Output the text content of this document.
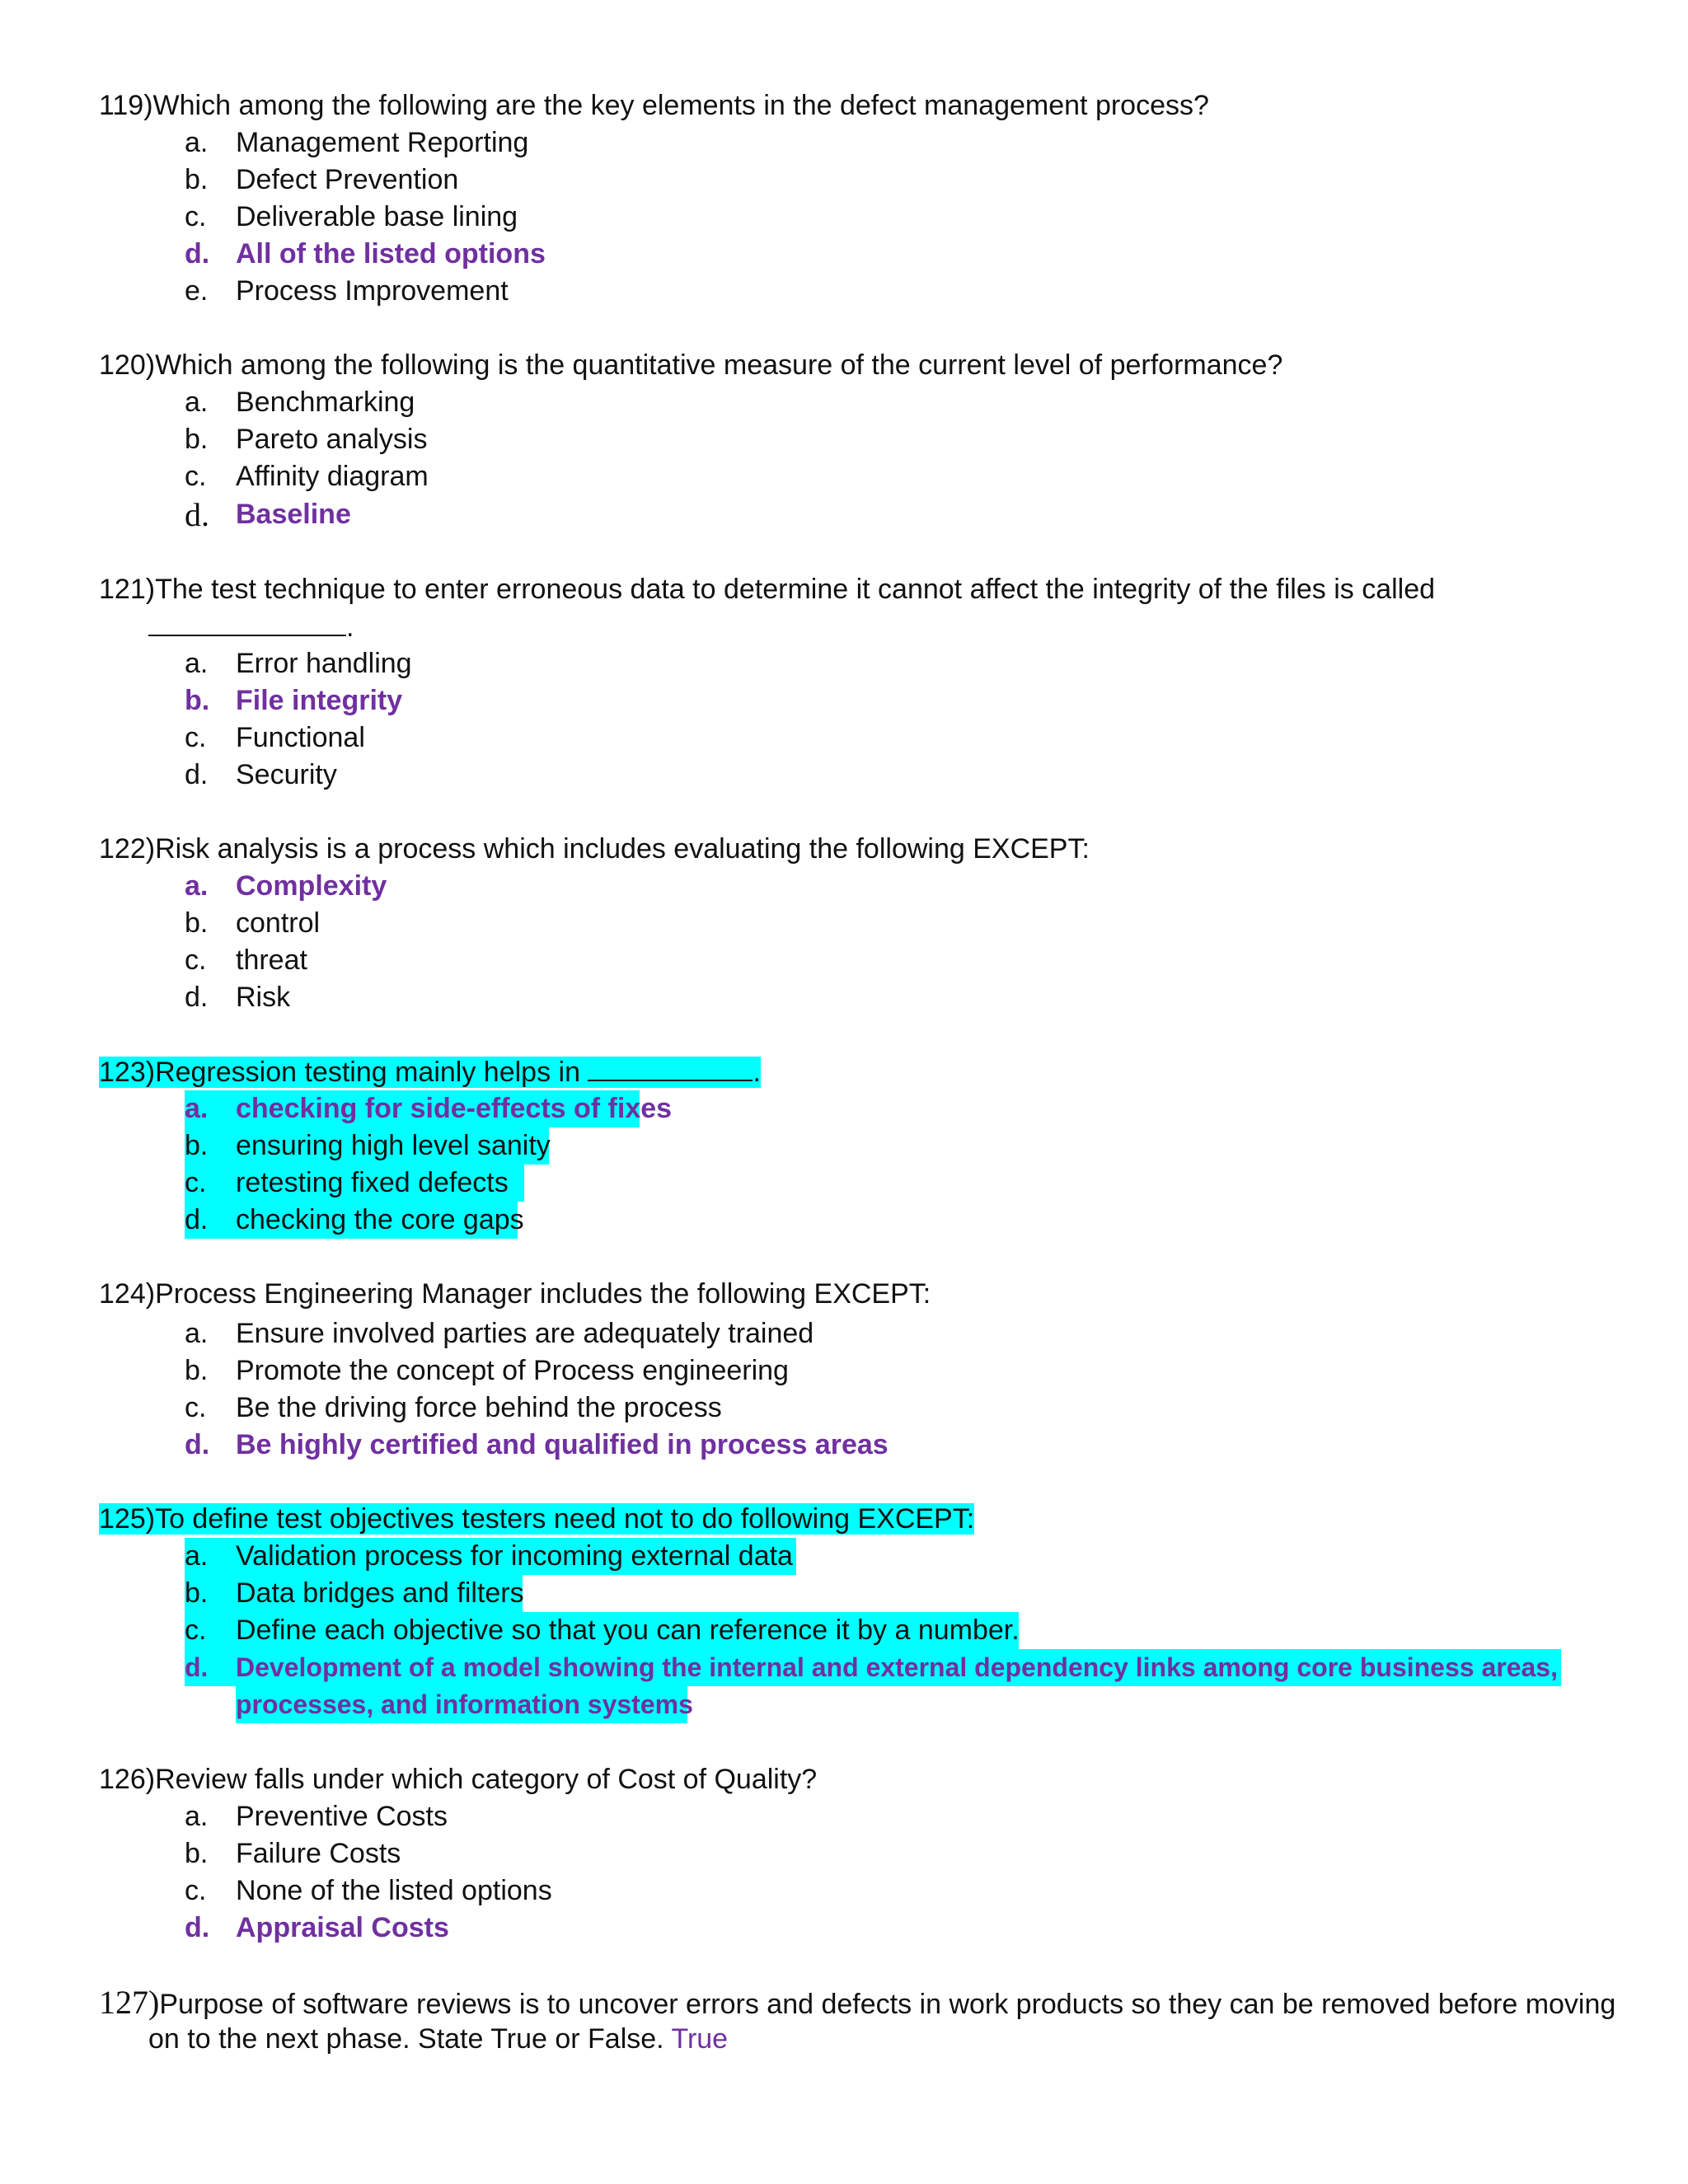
119)Which among the following are the key elements in the defect management process?
a. Management Reporting
b. Defect Prevention
c. Deliverable base lining
d. All of the listed options
e. Process Improvement
120)Which among the following is the quantitative measure of the current level of performance?
a. Benchmarking
b. Pareto analysis
c. Affinity diagram
d. Baseline
121)The test technique to enter erroneous data to determine it cannot affect the integrity of the files is called
.
a. Error handling
b. File integrity
c. Functional
d. Security
122)Risk analysis is a process which includes evaluating the following EXCEPT:
a. Complexity
b. control
c. threat
d. Risk
123)Regression testing mainly helps in	.
a. checking for side-effects of fixes
b. ensuring high level sanity
c. retesting fixed defects
d. checking the core gaps
124)Process Engineering Manager includes the following EXCEPT:
a. Ensure involved parties are adequately trained
b. Promote the concept of Process engineering
c. Be the driving force behind the process
d. Be highly certified and qualified in process areas
125)To define test objectives testers need not to do following EXCEPT:
a. Validation process for incoming external data
b. Data bridges and filters
c. Define each objective so that you can reference it by a number.
d. Development of a model showing the internal and external dependency links among core business areas,
processes, and information systems
126)Review falls under which category of Cost of Quality?
a. Preventive Costs
b. Failure Costs
c. None of the listed options
d. Appraisal Costs
127)Purpose of software reviews is to uncover errors and defects in work products so they can be removed before moving
on to the next phase. State True or False. True
